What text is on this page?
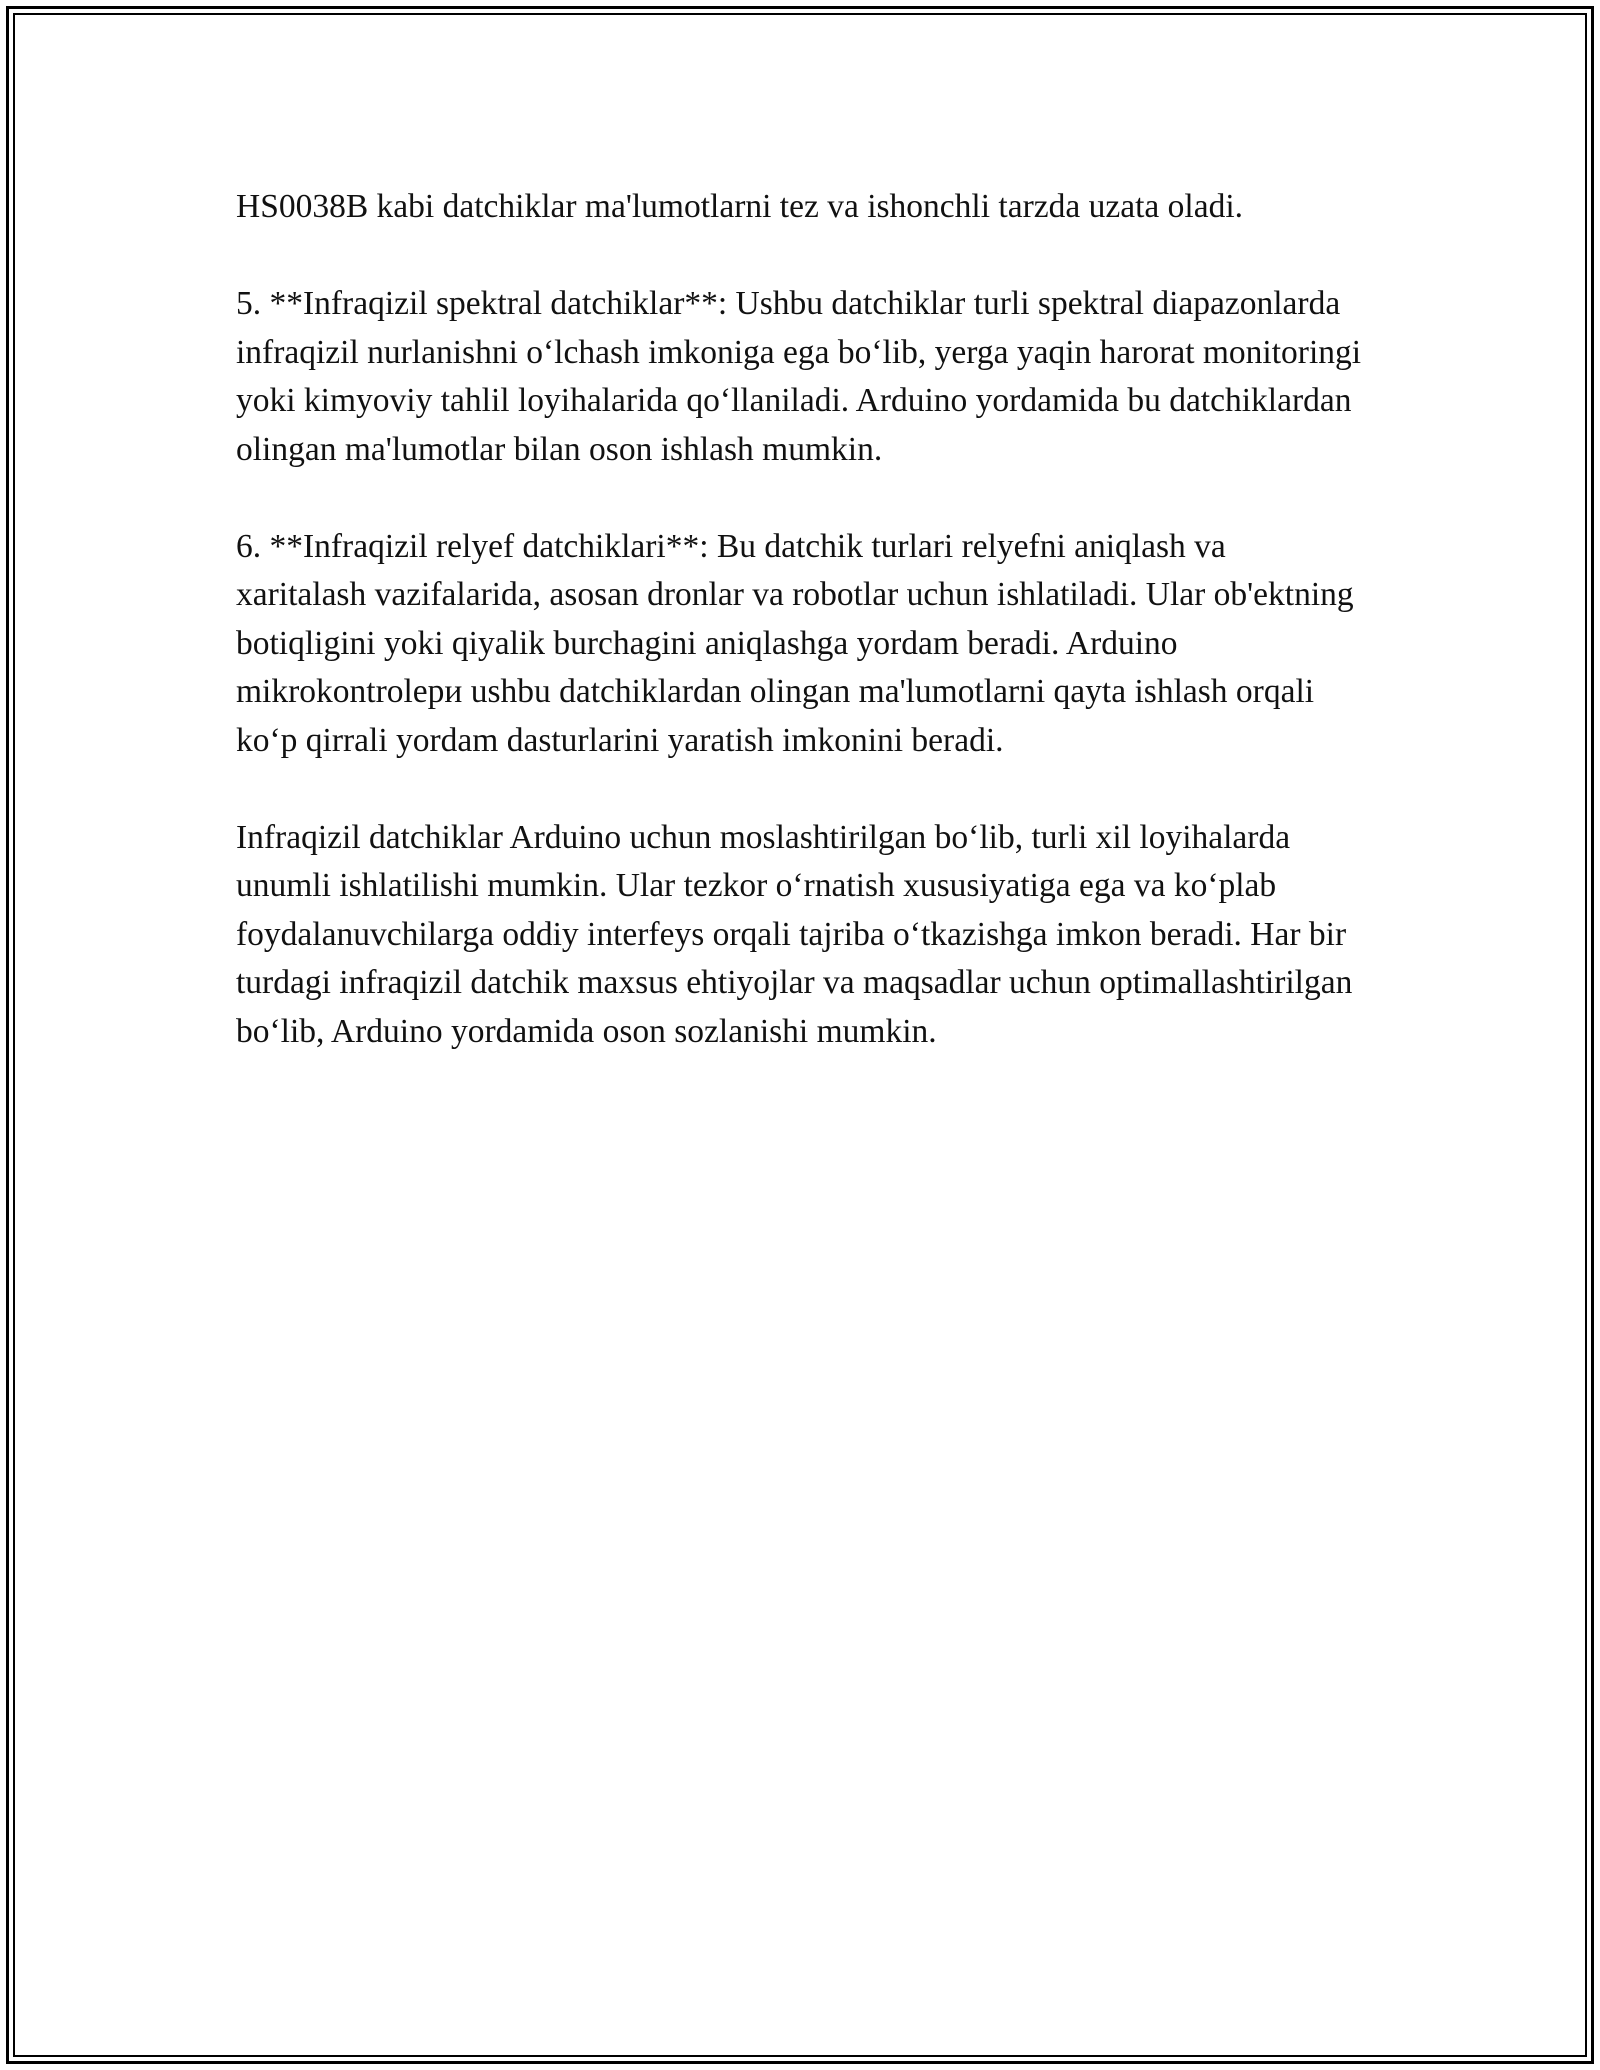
HS0038B kabi datchiklar ma'lumotlarni tez va ishonchli tarzda uzata oladi.

5. **Infraqizil spektral datchiklar**: Ushbu datchiklar turli spektral diapazonlarda infraqizil nurlanishni o‘lchash imkoniga ega bo‘lib, yerga yaqin harorat monitoringi yoki kimyoviy tahlil loyihalarida qo‘llaniladi. Arduino yordamida bu datchiklardan olingan ma'lumotlar bilan oson ishlash mumkin.

6. **Infraqizil relyef datchiklari**: Bu datchik turlari relyefni aniqlash va xaritalash vazifalarida, asosan dronlar va robotlar uchun ishlatiladi. Ular ob'ektning botiqligini yoki qiyalik burchagini aniqlashga yordam beradi. Arduino mikrokontrolepи ushbu datchiklardan olingan ma'lumotlarni qayta ishlash orqali ko‘p qirrali yordam dasturlarini yaratish imkonini beradi.

Infraqizil datchiklar Arduino uchun moslashtirilgan bo‘lib, turli xil loyihalarda unumli ishlatilishi mumkin. Ular tezkor o‘rnatish xususiyatiga ega va ko‘plab foydalanuvchilarga oddiy interfeys orqali tajriba o‘tkazishga imkon beradi. Har bir turdagi infraqizil datchik maxsus ehtiyojlar va maqsadlar uchun optimallashtirilgan bo‘lib, Arduino yordamida oson sozlanishi mumkin.
